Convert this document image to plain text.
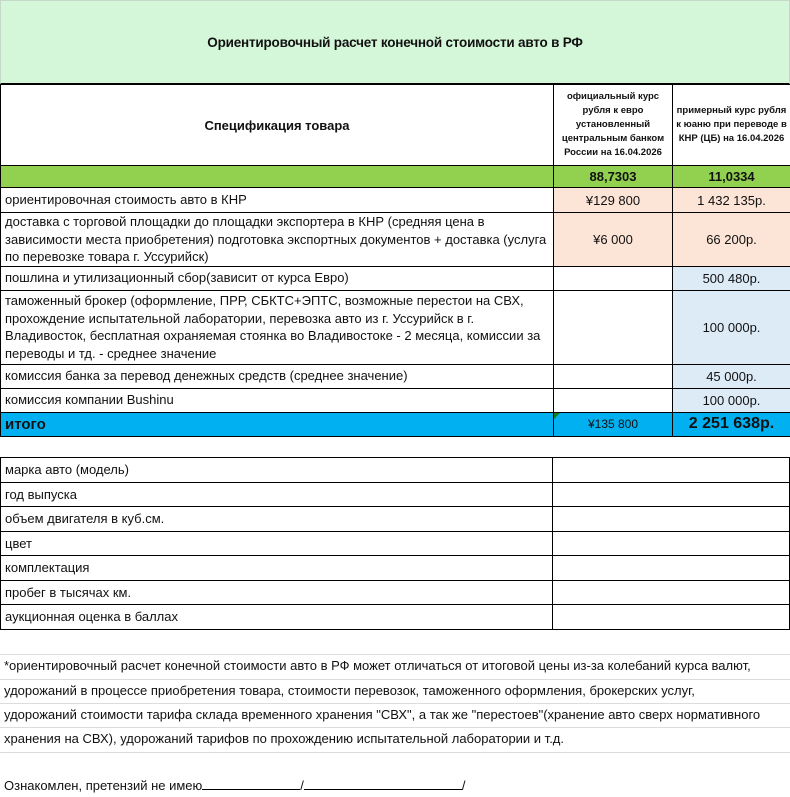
Ориентировочный расчет конечной стоимости авто в РФ
Спецификация товара	официальный курс рубля к евро установленный центральным банком России на 16.04.2026	примерный курс рубля к юаню при переводе в КНР (ЦБ) на 16.04.2026
	88,7303	11,0334
ориентировочная стоимость авто в КНР	¥129 800	1 432 135р.
доставка с торговой площадки до площадки экспортера в КНР (средняя цена в зависимости места приобретения) подготовка экспортных документов + доставка (услуга по перевозке товара г. Уссурийск)	¥6 000	66 200р.
пошлина и утилизационный сбор(зависит от курса Евро)		500 480р.
таможенный брокер (оформление, ПРР, СБКТС+ЭПТС, возможные перестои на СВХ, прохождение испытательной лаборатории, перевозка авто из г. Уссурийск в г. Владивосток, бесплатная охраняемая стоянка во Владивостоке - 2 месяца, комиссии за переводы и тд. - среднее значение		100 000р.
комиссия банка за перевод денежных средств (среднее значение)		45 000р.
комиссия компании Bushinu		100 000р.
итого	¥135 800	2 251 638р.
марка авто (модель)	
год выпуска	
объем двигателя в куб.см.	
цвет	
комплектация	
пробег в тысячах км.	
аукционная оценка в баллах	
*ориентировочный расчет конечной стоимости авто в РФ может отличаться от итоговой цены из-за колебаний курса валют,
удорожаний в процессе приобретения товара, стоимости перевозок, таможенного оформления, брокерских услуг,
удорожаний стоимости тарифа склада временного хранения "СВХ", а так же "перестоев"(хранение авто сверх нормативного
хранения на СВХ), удорожаний тарифов по прохождению испытательной лаборатории и т.д.
Ознакомлен, претензий не имею	/	/
